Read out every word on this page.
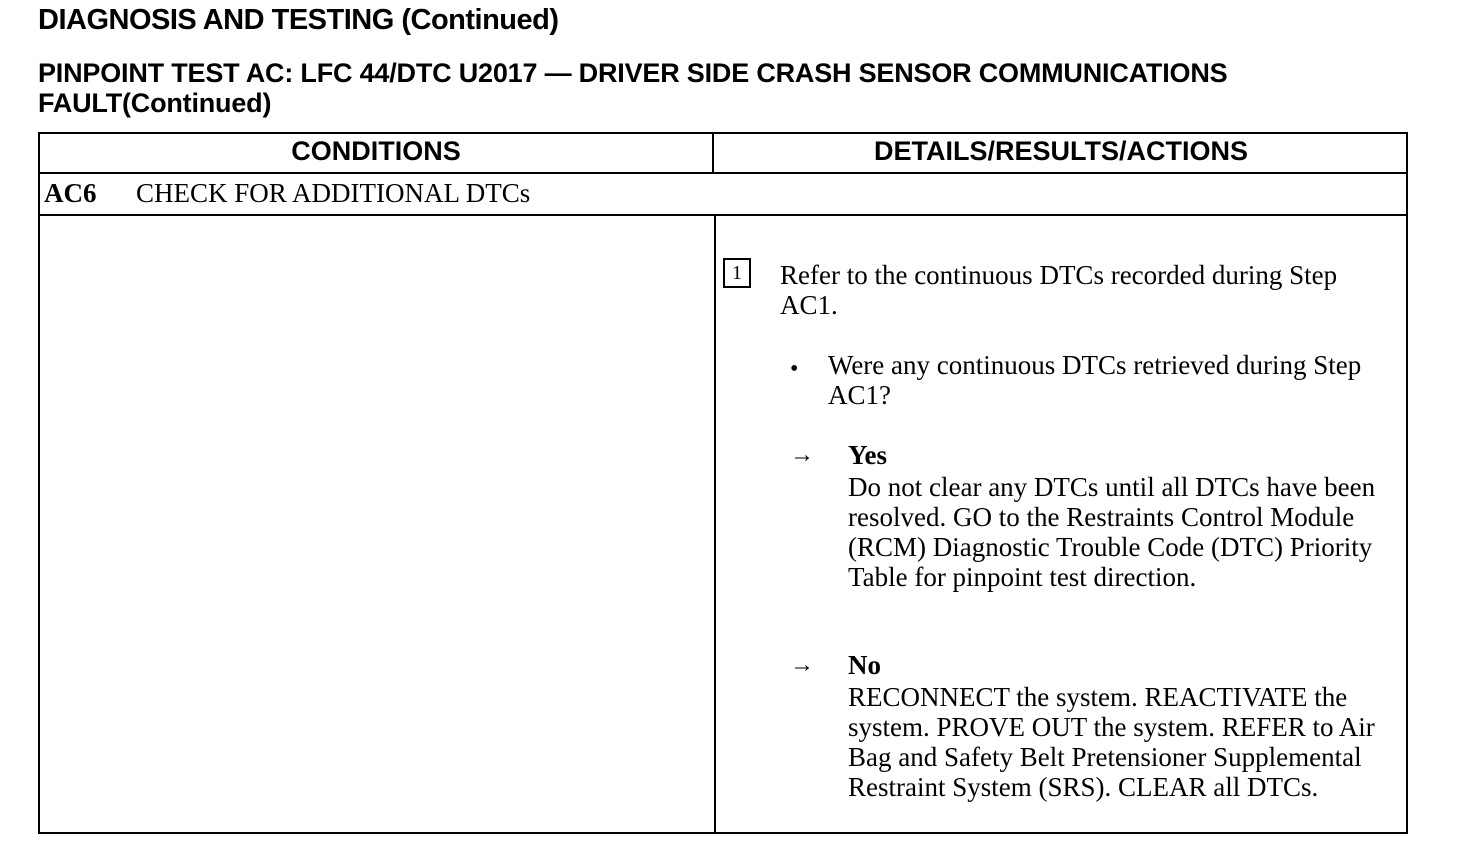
DIAGNOSIS AND TESTING (Continued)
PINPOINT TEST AC: LFC 44/DTC U2017 — DRIVER SIDE CRASH SENSOR COMMUNICATIONS FAULT(Continued)
CONDITIONS	DETAILS/RESULTS/ACTIONS
AC6 CHECK FOR ADDITIONAL DTCs
1	Refer to the continuous DTCs recorded during Step AC1.
• Were any continuous DTCs retrieved during Step AC1?
→ Yes
Do not clear any DTCs until all DTCs have been resolved. GO to the Restraints Control Module (RCM) Diagnostic Trouble Code (DTC) Priority Table for pinpoint test direction.
→ No
RECONNECT the system. REACTIVATE the system. PROVE OUT the system. REFER to Air Bag and Safety Belt Pretensioner Supplemental Restraint System (SRS). CLEAR all DTCs.
